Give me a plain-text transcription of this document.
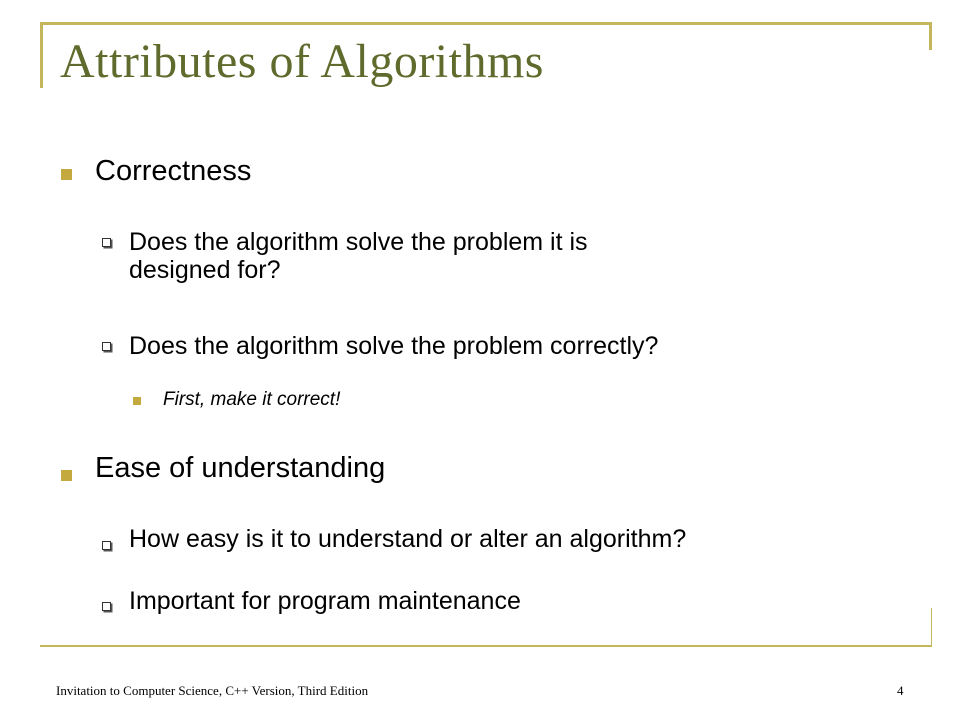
Attributes of Algorithms
Correctness
Does the algorithm solve the problem it is
designed for?
Does the algorithm solve the problem correctly?
First, make it correct!
Ease of understanding
How easy is it to understand or alter an algorithm?
Important for program maintenance
Invitation to Computer Science, C++ Version, Third Edition	4
